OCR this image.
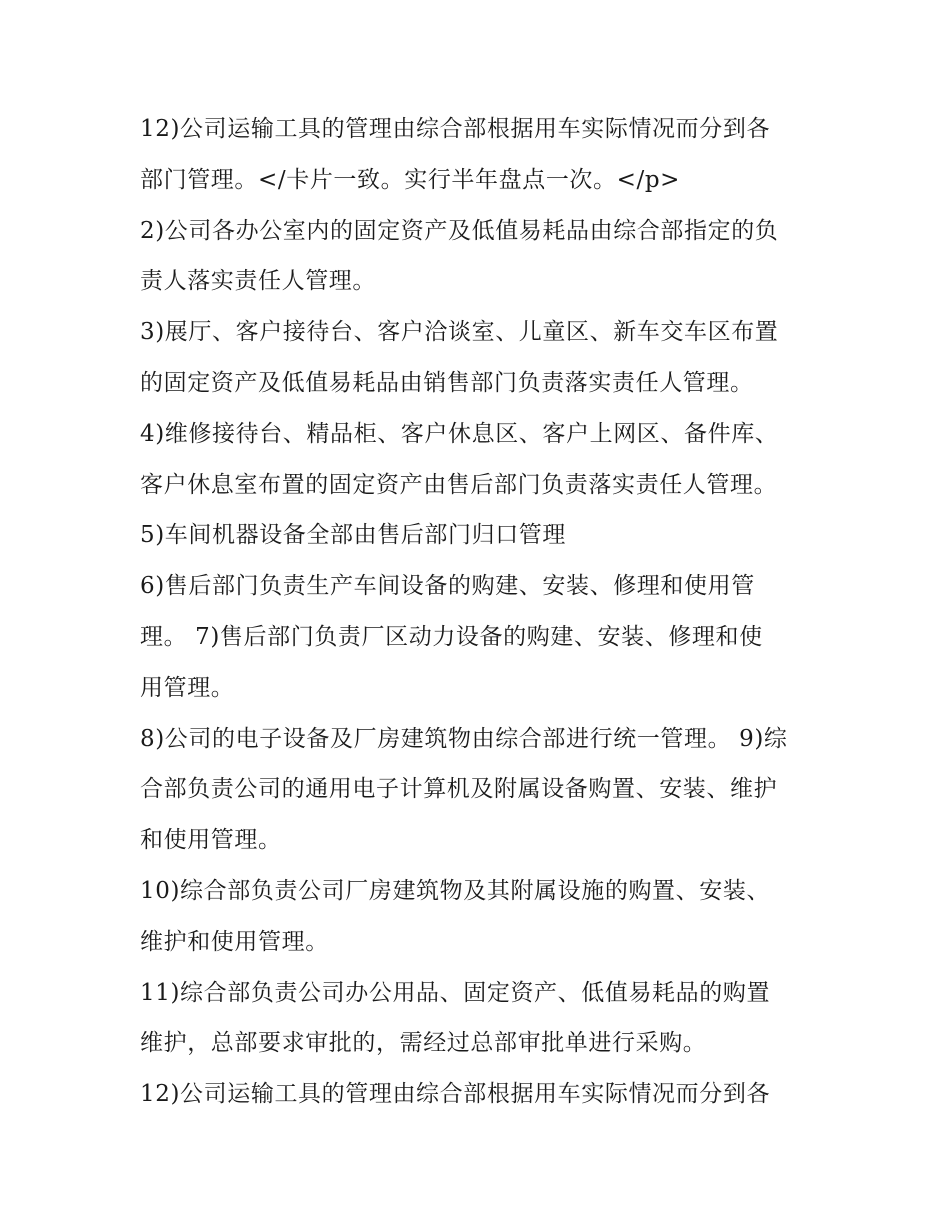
12)公司运输工具的管理由综合部根据用车实际情况而分到各
部门管理。</卡片一致。实行半年盘点一次。</p>
2)公司各办公室内的固定资产及低值易耗品由综合部指定的负
责人落实责任人管理。
3)展厅、客户接待台、客户洽谈室、儿童区、新车交车区布置
的固定资产及低值易耗品由销售部门负责落实责任人管理。
4)维修接待台、精品柜、客户休息区、客户上网区、备件库、
客户休息室布置的固定资产由售后部门负责落实责任人管理。
5)车间机器设备全部由售后部门归口管理
6)售后部门负责生产车间设备的购建、安装、修理和使用管
理。 7)售后部门负责厂区动力设备的购建、安装、修理和使
用管理。
8)公司的电子设备及厂房建筑物由综合部进行统一管理。 9)综
合部负责公司的通用电子计算机及附属设备购置、安装、维护
和使用管理。
10)综合部负责公司厂房建筑物及其附属设施的购置、安装、
维护和使用管理。
11)综合部负责公司办公用品、固定资产、低值易耗品的购置
维护，总部要求审批的，需经过总部审批单进行采购。
12)公司运输工具的管理由综合部根据用车实际情况而分到各
